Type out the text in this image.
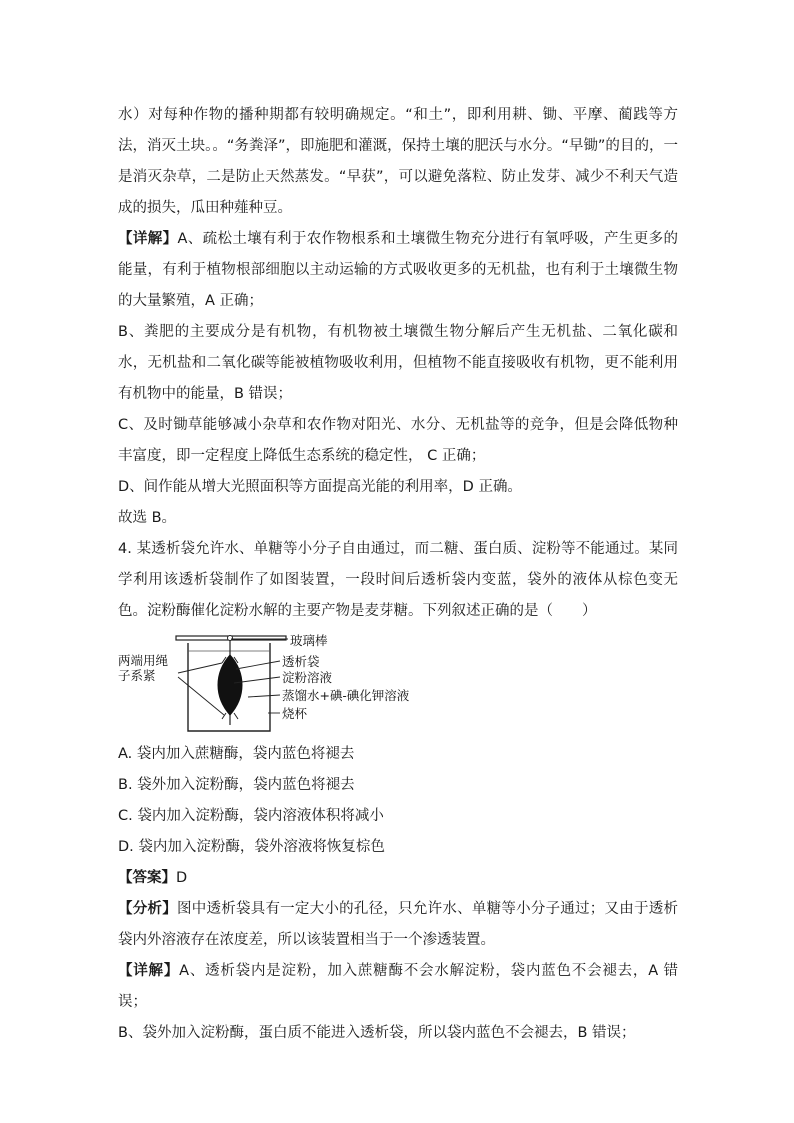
水）对每种作物的播种期都有较明确规定。“和土”，即利用耕、锄、平摩、蔺践等方法，消灭土块。。“务粪泽”，即施肥和灌溉，保持土壤的肥沃与水分。“早锄”的目的，一是消灭杂草，二是防止天然蒸发。“早获”，可以避免落粒、防止发芽、减少不利天气造成的损失，瓜田种薤种豆。

【详解】A、疏松土壤有利于农作物根系和土壤微生物充分进行有氧呼吸，产生更多的能量，有利于植物根部细胞以主动运输的方式吸收更多的无机盐，也有利于土壤微生物的大量繁殖，A 正确；

B、粪肥的主要成分是有机物，有机物被土壤微生物分解后产生无机盐、二氧化碳和水，无机盐和二氧化碳等能被植物吸收利用，但植物不能直接吸收有机物，更不能利用有机物中的能量，B 错误；

C、及时锄草能够减小杂草和农作物对阳光、水分、无机盐等的竞争，但是会降低物种丰富度，即一定程度上降低生态系统的稳定性， C 正确；

D、间作能从增大光照面积等方面提高光能的利用率，D 正确。

故选 B。

4. 某透析袋允许水、单糖等小分子自由通过，而二糖、蛋白质、淀粉等不能通过。某同学利用该透析袋制作了如图装置，一段时间后透析袋内变蓝，袋外的液体从棕色变无色。淀粉酶催化淀粉水解的主要产物是麦芽糖。下列叙述正确的是（　　）

玻璃棒
两端用绳
子系紧
透析袋
淀粉溶液
蒸馏水+碘-碘化钾溶液
烧杯

A. 袋内加入蔗糖酶，袋内蓝色将褪去

B. 袋外加入淀粉酶，袋内蓝色将褪去

C. 袋内加入淀粉酶，袋内溶液体积将减小

D. 袋内加入淀粉酶，袋外溶液将恢复棕色

【答案】D

【分析】图中透析袋具有一定大小的孔径，只允许水、单糖等小分子通过；又由于透析袋内外溶液存在浓度差，所以该装置相当于一个渗透装置。

【详解】A、透析袋内是淀粉，加入蔗糖酶不会水解淀粉，袋内蓝色不会褪去，A 错误；

B、袋外加入淀粉酶，蛋白质不能进入透析袋，所以袋内蓝色不会褪去，B 错误；
